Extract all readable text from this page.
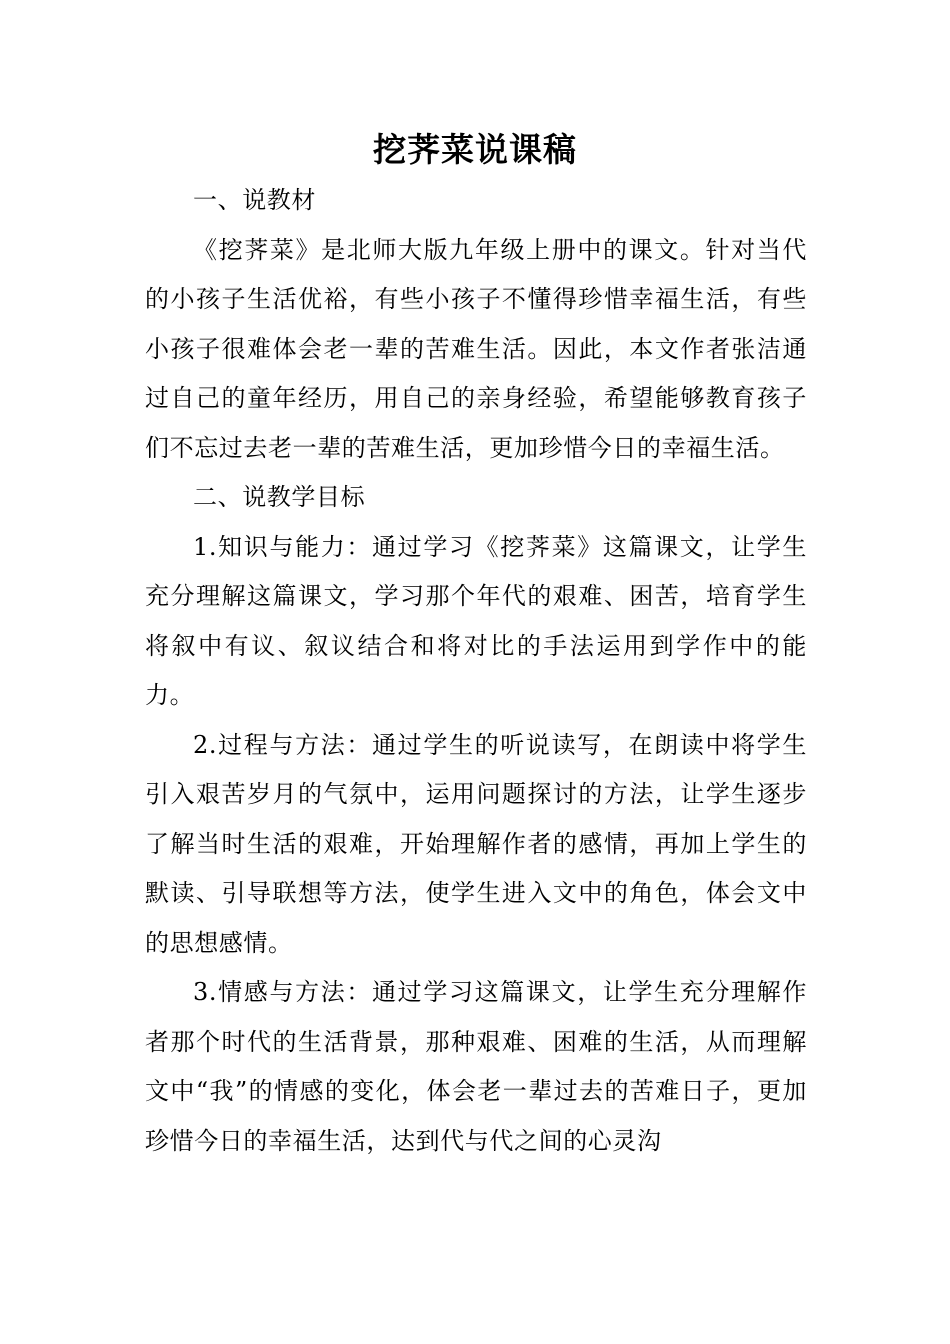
挖荠菜说课稿

一、说教材

《挖荠菜》是北师大版九年级上册中的课文。针对当代的小孩子生活优裕，有些小孩子不懂得珍惜幸福生活，有些小孩子很难体会老一辈的苦难生活。因此，本文作者张洁通过自己的童年经历，用自己的亲身经验，希望能够教育孩子们不忘过去老一辈的苦难生活，更加珍惜今日的幸福生活。

二、说教学目标

1.知识与能力：通过学习《挖荠菜》这篇课文，让学生充分理解这篇课文，学习那个年代的艰难、困苦，培育学生将叙中有议、叙议结合和将对比的手法运用到学作中的能力。

2.过程与方法：通过学生的听说读写，在朗读中将学生引入艰苦岁月的气氛中，运用问题探讨的方法，让学生逐步了解当时生活的艰难，开始理解作者的感情，再加上学生的默读、引导联想等方法，使学生进入文中的角色，体会文中的思想感情。

3.情感与方法：通过学习这篇课文，让学生充分理解作者那个时代的生活背景，那种艰难、困难的生活，从而理解文中“我”的情感的变化，体会老一辈过去的苦难日子，更加珍惜今日的幸福生活，达到代与代之间的心灵沟
